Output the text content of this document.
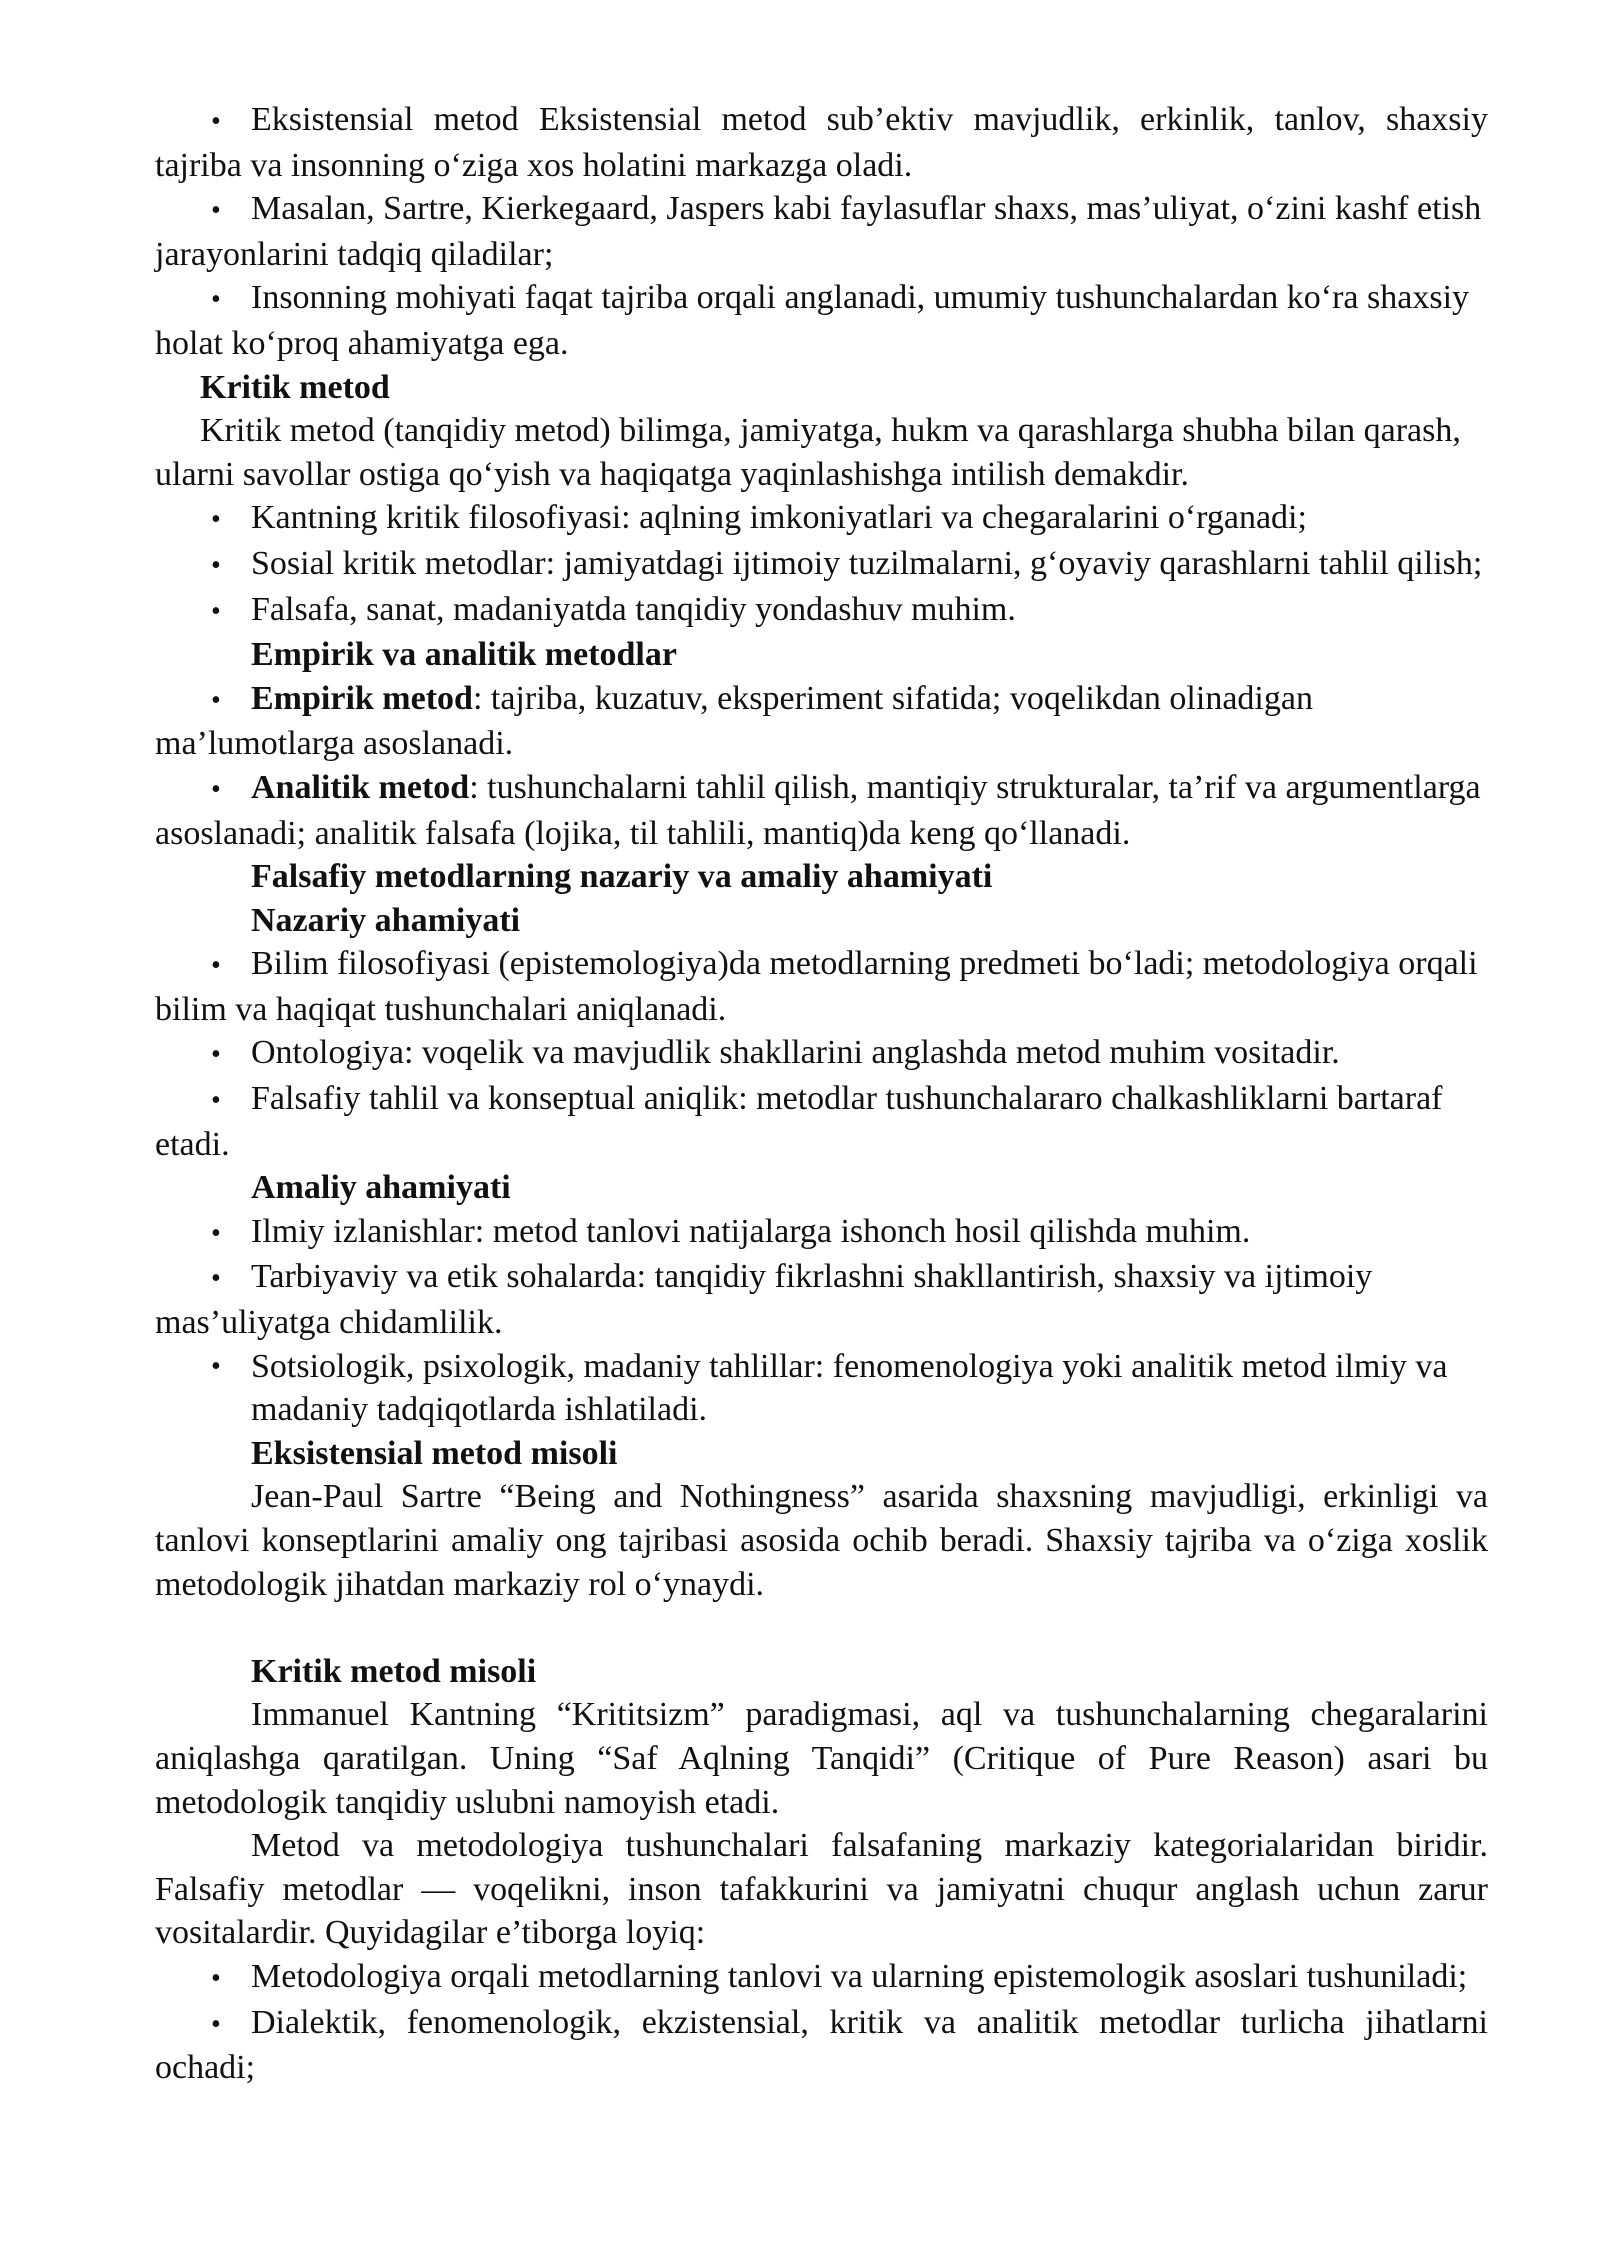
• Eksistensial metod Eksistensial metod sub’ektiv mavjudlik, erkinlik, tanlov, shaxsiy tajriba va insonning o‘ziga xos holatini markazga oladi.

• Masalan, Sartre, Kierkegaard, Jaspers kabi faylasuflar shaxs, mas’uliyat, o‘zini kashf etish jarayonlarini tadqiq qiladilar;

• Insonning mohiyati faqat tajriba orqali anglanadi, umumiy tushunchalardan ko‘ra shaxsiy holat ko‘proq ahamiyatga ega.

Kritik metod

Kritik metod (tanqidiy metod) bilimga, jamiyatga, hukm va qarashlarga shubha bilan qarash, ularni savollar ostiga qo‘yish va haqiqatga yaqinlashishga intilish demakdir.

• Kantning kritik filosofiyasi: aqlning imkoniyatlari va chegaralarini o‘rganadi;

• Sosial kritik metodlar: jamiyatdagi ijtimoiy tuzilmalarni, g‘oyaviy qarashlarni tahlil qilish;

• Falsafa, sanat, madaniyatda tanqidiy yondashuv muhim.

Empirik va analitik metodlar

• Empirik metod: tajriba, kuzatuv, eksperiment sifatida; voqelikdan olinadigan ma’lumotlarga asoslanadi.

• Analitik metod: tushunchalarni tahlil qilish, mantiqiy strukturalar, ta’rif va argumentlarga asoslanadi; analitik falsafa (lojika, til tahlili, mantiq)da keng qo‘llanadi.

Falsafiy metodlarning nazariy va amaliy ahamiyati

Nazariy ahamiyati

• Bilim filosofiyasi (epistemologiya)da metodlarning predmeti bo‘ladi; metodologiya orqali bilim va haqiqat tushunchalari aniqlanadi.

• Ontologiya: voqelik va mavjudlik shakllarini anglashda metod muhim vositadir.

• Falsafiy tahlil va konseptual aniqlik: metodlar tushunchalararo chalkashliklarni bartaraf etadi.

Amaliy ahamiyati

• Ilmiy izlanishlar: metod tanlovi natijalarga ishonch hosil qilishda muhim.

• Tarbiyaviy va etik sohalarda: tanqidiy fikrlashni shakllantirish, shaxsiy va ijtimoiy mas’uliyatga chidamlilik.

• Sotsiologik, psixologik, madaniy tahlillar: fenomenologiya yoki analitik metod ilmiy va madaniy tadqiqotlarda ishlatiladi.

Eksistensial metod misoli

Jean-Paul Sartre “Being and Nothingness” asarida shaxsning mavjudligi, erkinligi va tanlovi konseptlarini amaliy ong tajribasi asosida ochib beradi. Shaxsiy tajriba va o‘ziga xoslik metodologik jihatdan markaziy rol o‘ynaydi.

Kritik metod misoli

Immanuel Kantning “Krititsizm” paradigmasi, aql va tushunchalarning chegaralarini aniqlashga qaratilgan. Uning “Saf Aqlning Tanqidi” (Critique of Pure Reason) asari bu metodologik tanqidiy uslubni namoyish etadi.

Metod va metodologiya tushunchalari falsafaning markaziy kategorialaridan biridir. Falsafiy metodlar — voqelikni, inson tafakkurini va jamiyatni chuqur anglash uchun zarur vositalardir. Quyidagilar e’tiborga loyiq:

• Metodologiya orqali metodlarning tanlovi va ularning epistemologik asoslari tushuniladi;

• Dialektik, fenomenologik, ekzistensial, kritik va analitik metodlar turlicha jihatlarni ochadi;
